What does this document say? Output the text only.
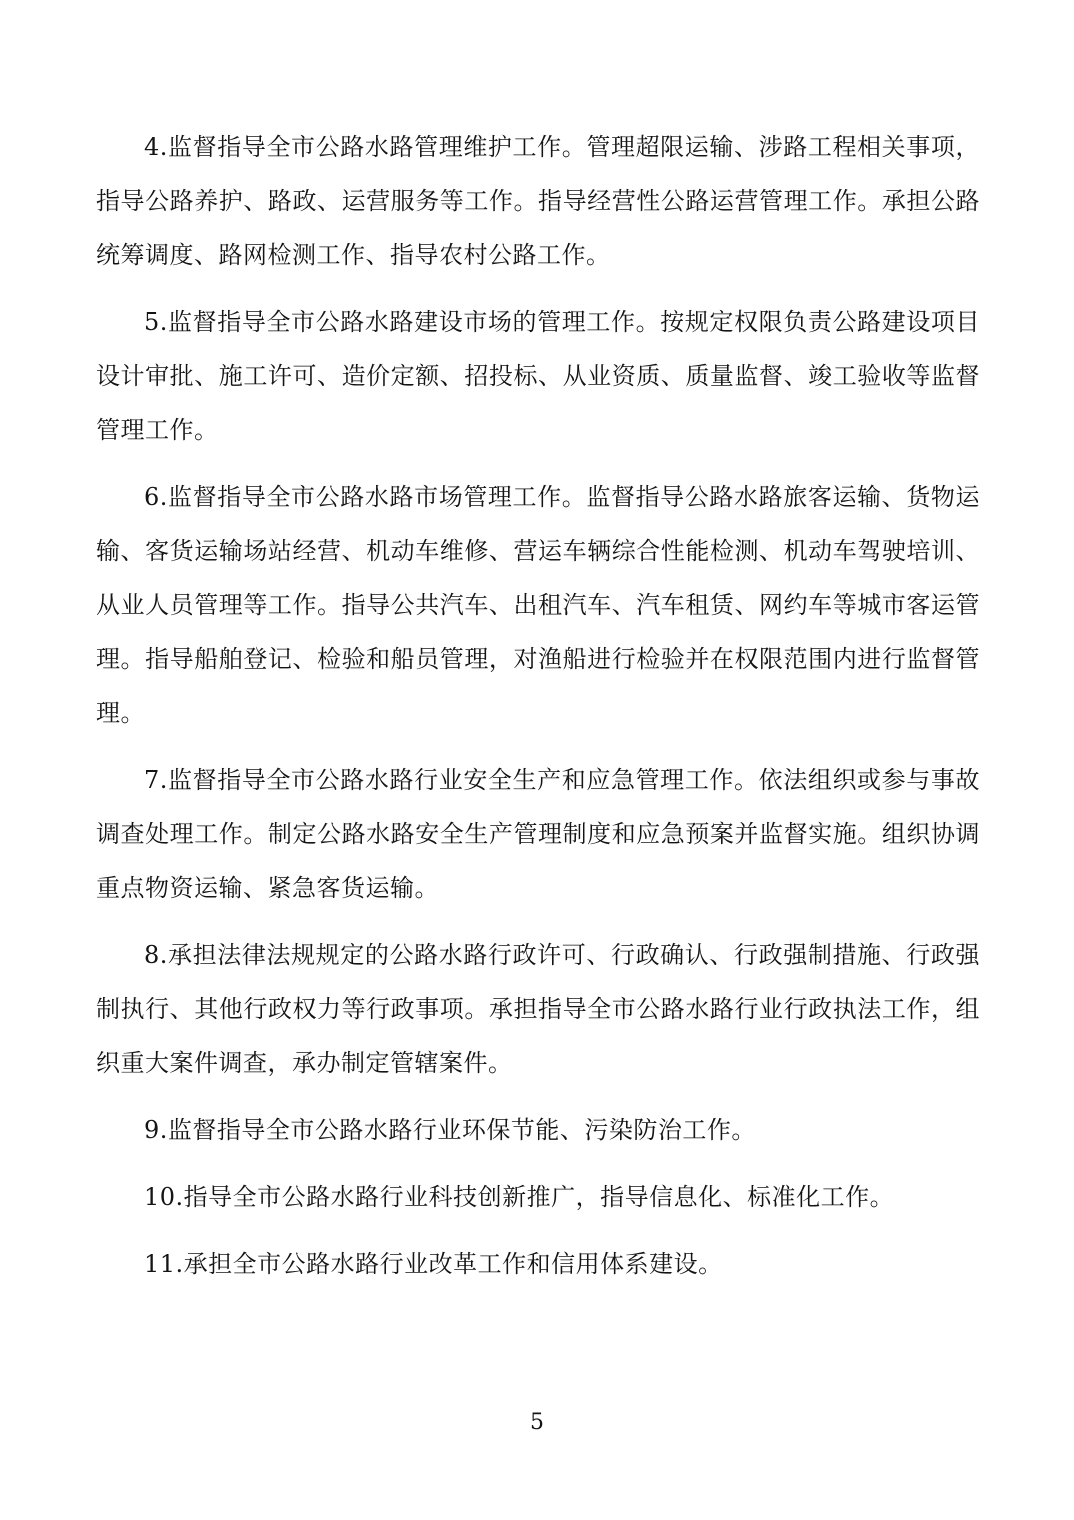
4.监督指导全市公路水路管理维护工作。管理超限运输、涉路工程相关事项，指导公路养护、路政、运营服务等工作。指导经营性公路运营管理工作。承担公路统筹调度、路网检测工作、指导农村公路工作。

5.监督指导全市公路水路建设市场的管理工作。按规定权限负责公路建设项目设计审批、施工许可、造价定额、招投标、从业资质、质量监督、竣工验收等监督管理工作。

6.监督指导全市公路水路市场管理工作。监督指导公路水路旅客运输、货物运输、客货运输场站经营、机动车维修、营运车辆综合性能检测、机动车驾驶培训、从业人员管理等工作。指导公共汽车、出租汽车、汽车租赁、网约车等城市客运管理。指导船舶登记、检验和船员管理，对渔船进行检验并在权限范围内进行监督管理。

7.监督指导全市公路水路行业安全生产和应急管理工作。依法组织或参与事故调查处理工作。制定公路水路安全生产管理制度和应急预案并监督实施。组织协调重点物资运输、紧急客货运输。

8.承担法律法规规定的公路水路行政许可、行政确认、行政强制措施、行政强制执行、其他行政权力等行政事项。承担指导全市公路水路行业行政执法工作，组织重大案件调查，承办制定管辖案件。

9.监督指导全市公路水路行业环保节能、污染防治工作。

10.指导全市公路水路行业科技创新推广，指导信息化、标准化工作。

11.承担全市公路水路行业改革工作和信用体系建设。

5
